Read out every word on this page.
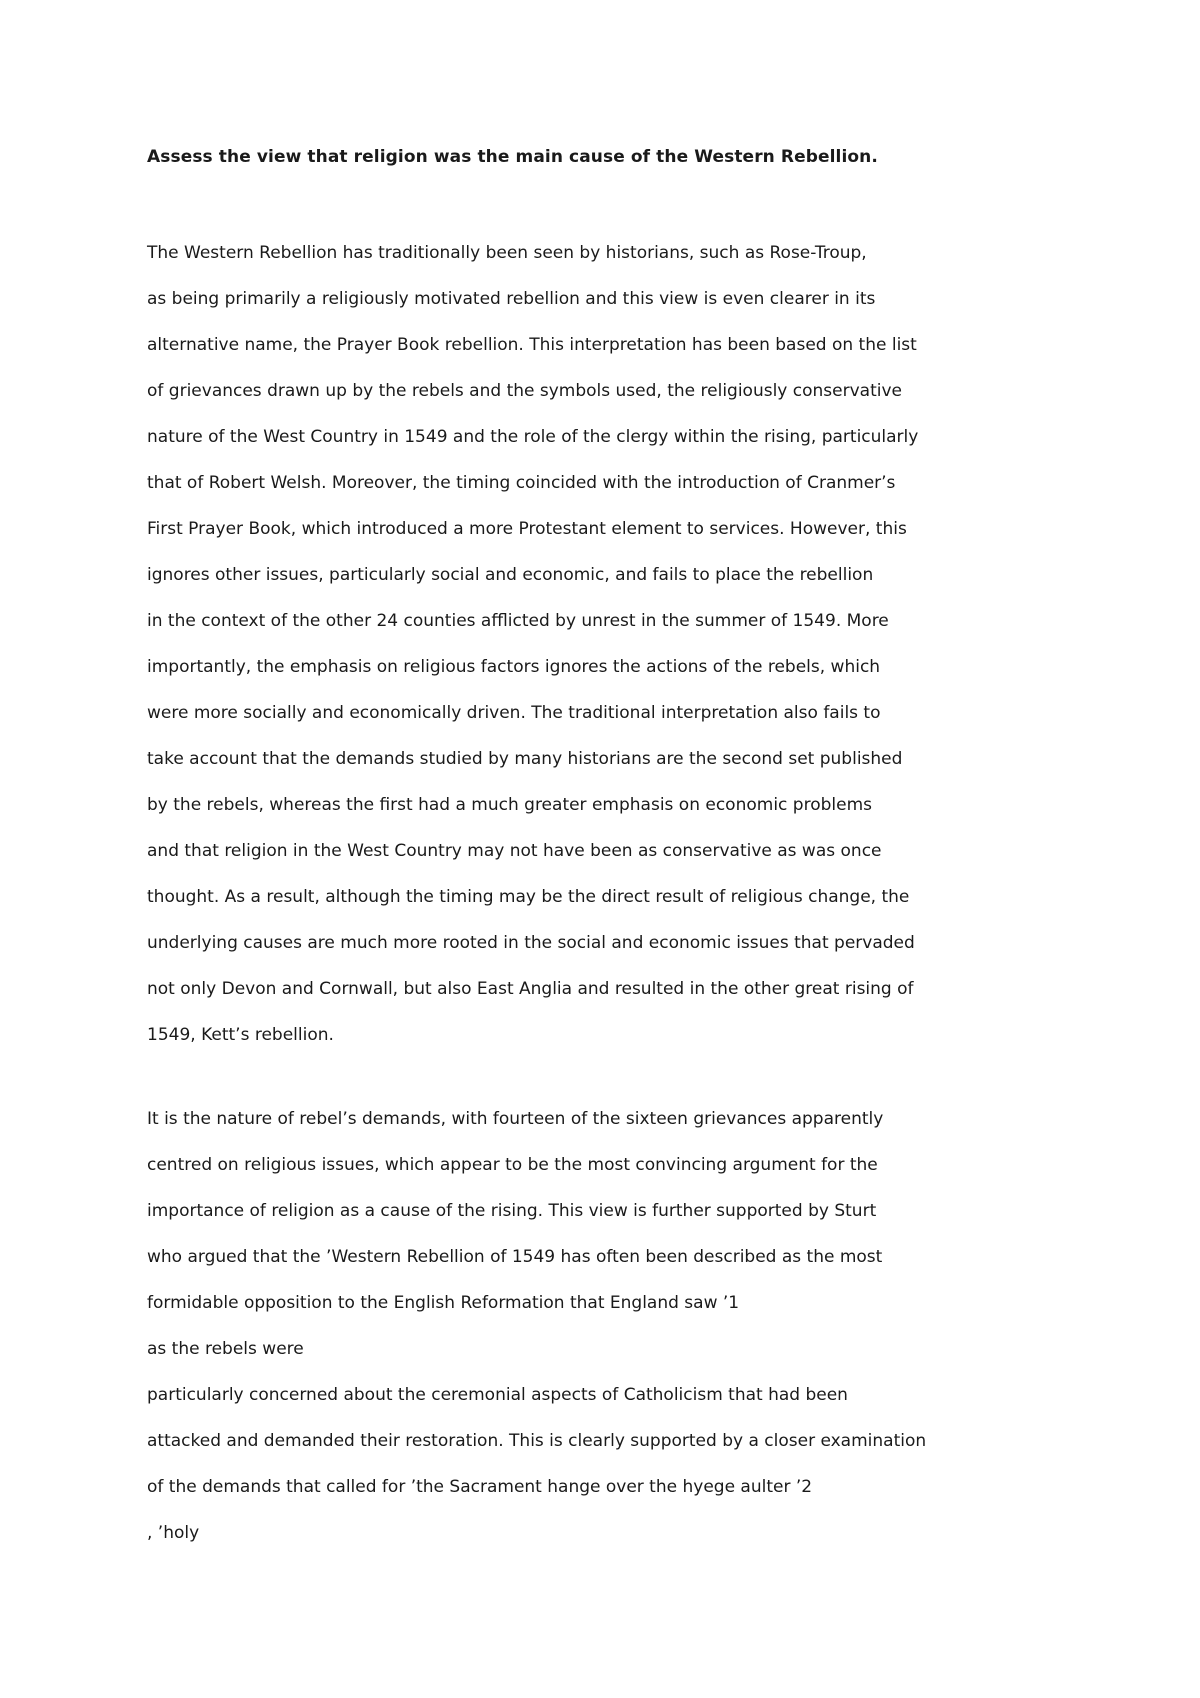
Assess the view that religion was the main cause of the Western Rebellion.

The Western Rebellion has traditionally been seen by historians, such as Rose-Troup,
as being primarily a religiously motivated rebellion and this view is even clearer in its
alternative name, the Prayer Book rebellion. This interpretation has been based on the list
of grievances drawn up by the rebels and the symbols used, the religiously conservative
nature of the West Country in 1549 and the role of the clergy within the rising, particularly
that of Robert Welsh. Moreover, the timing coincided with the introduction of Cranmer’s
First Prayer Book, which introduced a more Protestant element to services. However, this
ignores other issues, particularly social and economic, and fails to place the rebellion
in the context of the other 24 counties afflicted by unrest in the summer of 1549. More
importantly, the emphasis on religious factors ignores the actions of the rebels, which
were more socially and economically driven. The traditional interpretation also fails to
take account that the demands studied by many historians are the second set published
by the rebels, whereas the first had a much greater emphasis on economic problems
and that religion in the West Country may not have been as conservative as was once
thought. As a result, although the timing may be the direct result of religious change, the
underlying causes are much more rooted in the social and economic issues that pervaded
not only Devon and Cornwall, but also East Anglia and resulted in the other great rising of
1549, Kett’s rebellion.

It is the nature of rebel’s demands, with fourteen of the sixteen grievances apparently
centred on religious issues, which appear to be the most convincing argument for the
importance of religion as a cause of the rising. This view is further supported by Sturt
who argued that the ’Western Rebellion of 1549 has often been described as the most
formidable opposition to the English Reformation that England saw ’1
as the rebels were
particularly concerned about the ceremonial aspects of Catholicism that had been
attacked and demanded their restoration. This is clearly supported by a closer examination
of the demands that called for ’the Sacrament hange over the hyege aulter ’2
, ’holy
